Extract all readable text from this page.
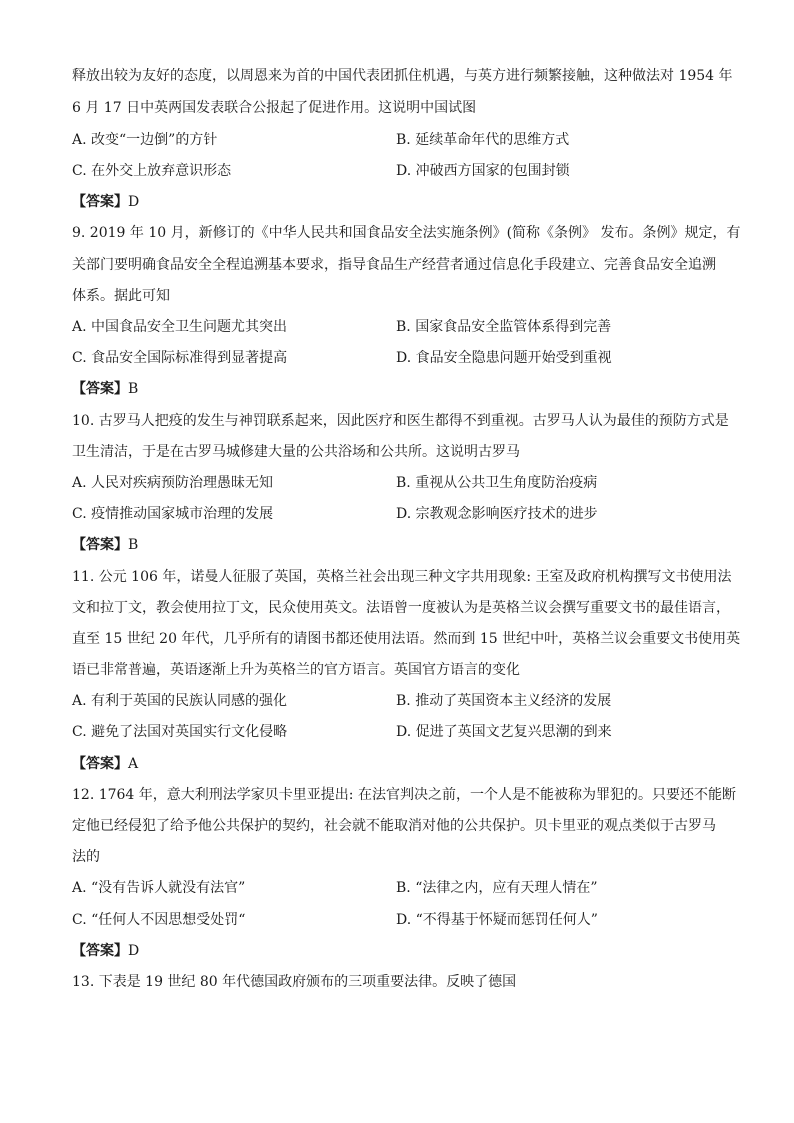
释放出较为友好的态度，以周恩来为首的中国代表团抓住机遇，与英方进行频繁接触，这种做法对 1954 年
6 月 17 日中英两国发表联合公报起了促进作用。这说明中国试图
A. 改变“一边倒”的方针	B. 延续革命年代的思维方式
C. 在外交上放弃意识形态	D. 冲破西方国家的包围封锁
【答案】D
9. 2019 年 10 月，新修订的《中华人民共和国食品安全法实施条例》(简称《条例》 发布。条例》规定，有
关部门要明确食品安全全程追溯基本要求，指导食品生产经营者通过信息化手段建立、完善食品安全追溯
体系。据此可知
A. 中国食品安全卫生问题尤其突出	B. 国家食品安全监管体系得到完善
C. 食品安全国际标准得到显著提高	D. 食品安全隐患问题开始受到重视
【答案】B
10. 古罗马人把疫的发生与神罚联系起来，因此医疗和医生都得不到重视。古罗马人认为最佳的预防方式是
卫生清洁，于是在古罗马城修建大量的公共浴场和公共所。这说明古罗马
A. 人民对疾病预防治理愚昧无知	B. 重视从公共卫生角度防治疫病
C. 疫情推动国家城市治理的发展	D. 宗教观念影响医疗技术的进步
【答案】B
11. 公元 106 年，诺曼人征服了英国，英格兰社会出现三种文字共用现象: 王室及政府机构撰写文书使用法
文和拉丁文，教会使用拉丁文，民众使用英文。法语曾一度被认为是英格兰议会撰写重要文书的最佳语言，
直至 15 世纪 20 年代，几乎所有的请图书都还使用法语。然而到 15 世纪中叶，英格兰议会重要文书使用英
语已非常普遍，英语逐渐上升为英格兰的官方语言。英国官方语言的变化
A. 有利于英国的民族认同感的强化	B. 推动了英国资本主义经济的发展
C. 避免了法国对英国实行文化侵略	D. 促进了英国文艺复兴思潮的到来
【答案】A
12. 1764 年，意大利刑法学家贝卡里亚提出: 在法官判决之前，一个人是不能被称为罪犯的。只要还不能断
定他已经侵犯了给予他公共保护的契约，社会就不能取消对他的公共保护。贝卡里亚的观点类似于古罗马
法的
A. “没有告诉人就没有法官”	B. “法律之内，应有天理人情在”
C. “任何人不因思想受处罚“	D. “不得基于怀疑而惩罚任何人”
【答案】D
13. 下表是 19 世纪 80 年代德国政府颁布的三项重要法律。反映了德国
